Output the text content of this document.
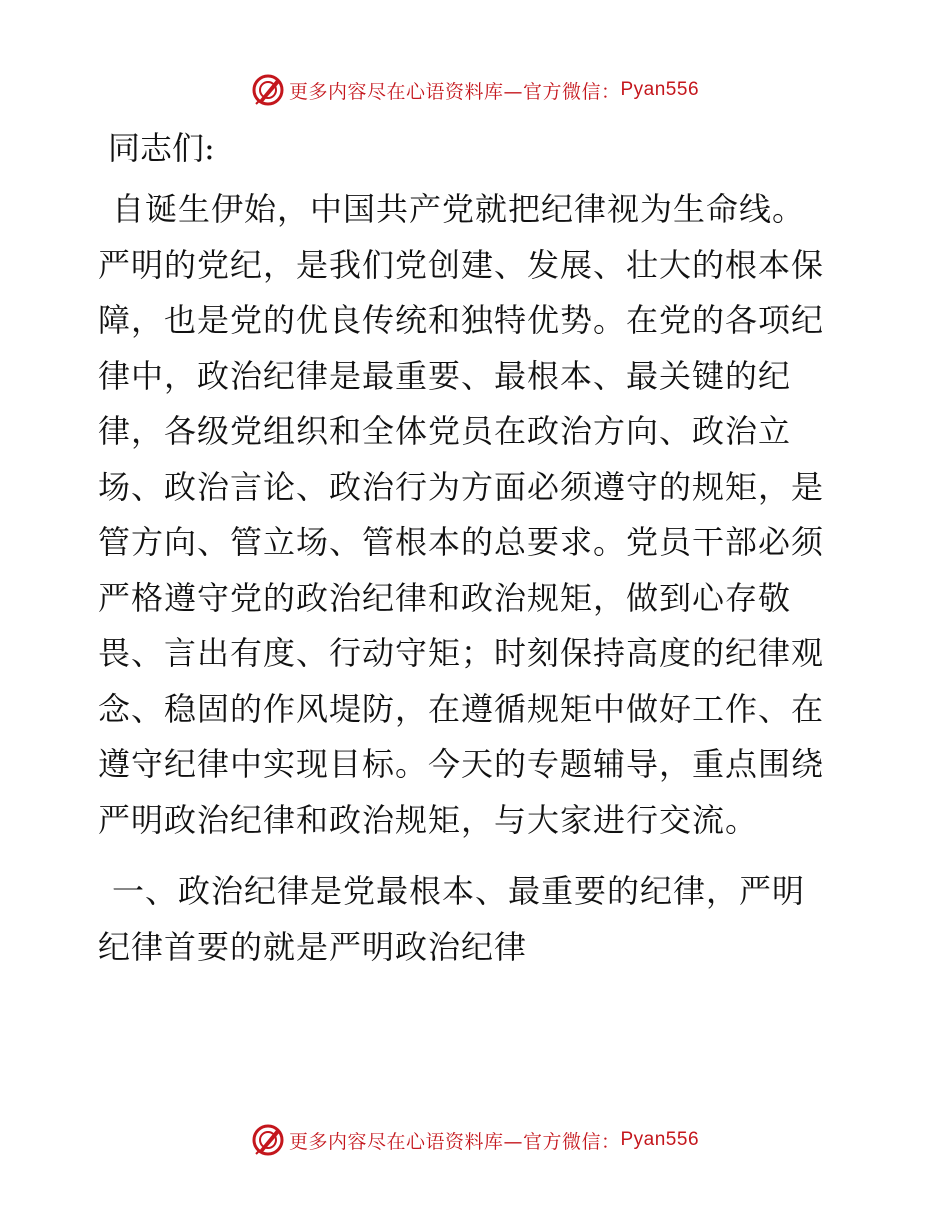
更多内容尽在心语资料库—官方微信： Pyan556

同志们:

自诞生伊始，中国共产党就把纪律视为生命线。
严明的党纪，是我们党创建、发展、壮大的根本保
障，也是党的优良传统和独特优势。在党的各项纪
律中，政治纪律是最重要、最根本、最关键的纪
律，各级党组织和全体党员在政治方向、政治立
场、政治言论、政治行为方面必须遵守的规矩，是
管方向、管立场、管根本的总要求。党员干部必须
严格遵守党的政治纪律和政治规矩，做到心存敬
畏、言出有度、行动守矩；时刻保持高度的纪律观
念、稳固的作风堤防，在遵循规矩中做好工作、在
遵守纪律中实现目标。今天的专题辅导，重点围绕
严明政治纪律和政治规矩，与大家进行交流。
一、政治纪律是党最根本、最重要的纪律，严明
纪律首要的就是严明政治纪律
更多内容尽在心语资料库—官方微信： Pyan556
